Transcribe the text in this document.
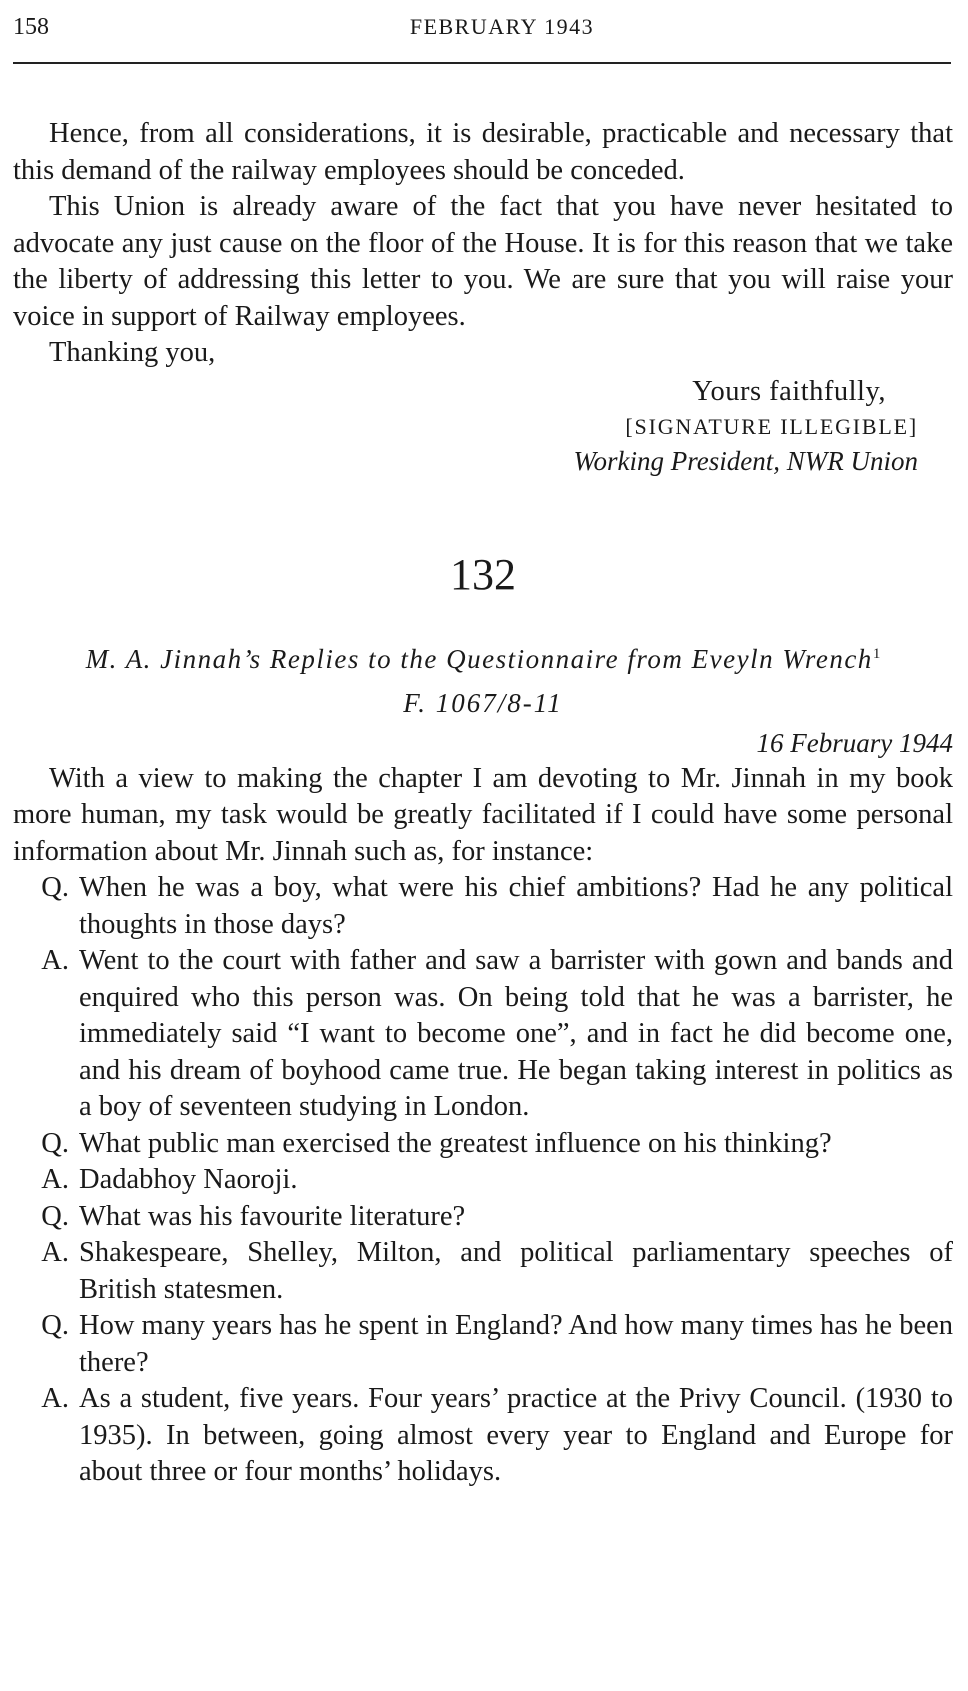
158	FEBRUARY 1943

Hence, from all considerations, it is desirable, practicable and necessary that this demand of the railway employees should be conceded.

This Union is already aware of the fact that you have never hesitated to advocate any just cause on the floor of the House. It is for this reason that we take the liberty of addressing this letter to you. We are sure that you will raise your voice in support of Railway employees.

Thanking you,

Yours faithfully,
[SIGNATURE ILLEGIBLE]
Working President, NWR Union
132
M. A. Jinnah’s Replies to the Questionnaire from Eveyln Wrench$^1$
F. 1067/8-11
16 February 1944

With a view to making the chapter I am devoting to Mr. Jinnah in my book more human, my task would be greatly facilitated if I could have some personal information about Mr. Jinnah such as, for instance:

Q. When he was a boy, what were his chief ambitions? Had he any political thoughts in those days?
A. Went to the court with father and saw a barrister with gown and bands and enquired who this person was. On being told that he was a barrister, he immediately said “I want to become one”, and in fact he did become one, and his dream of boyhood came true. He began taking interest in politics as a boy of seventeen studying in London.
Q. What public man exercised the greatest influence on his thinking?
A. Dadabhoy Naoroji.
Q. What was his favourite literature?
A. Shakespeare, Shelley, Milton, and political parliamentary speeches of British statesmen.
Q. How many years has he spent in England? And how many times has he been there?
A. As a student, five years. Four years’ practice at the Privy Council. (1930 to 1935). In between, going almost every year to England and Europe for about three or four months’ holidays.
